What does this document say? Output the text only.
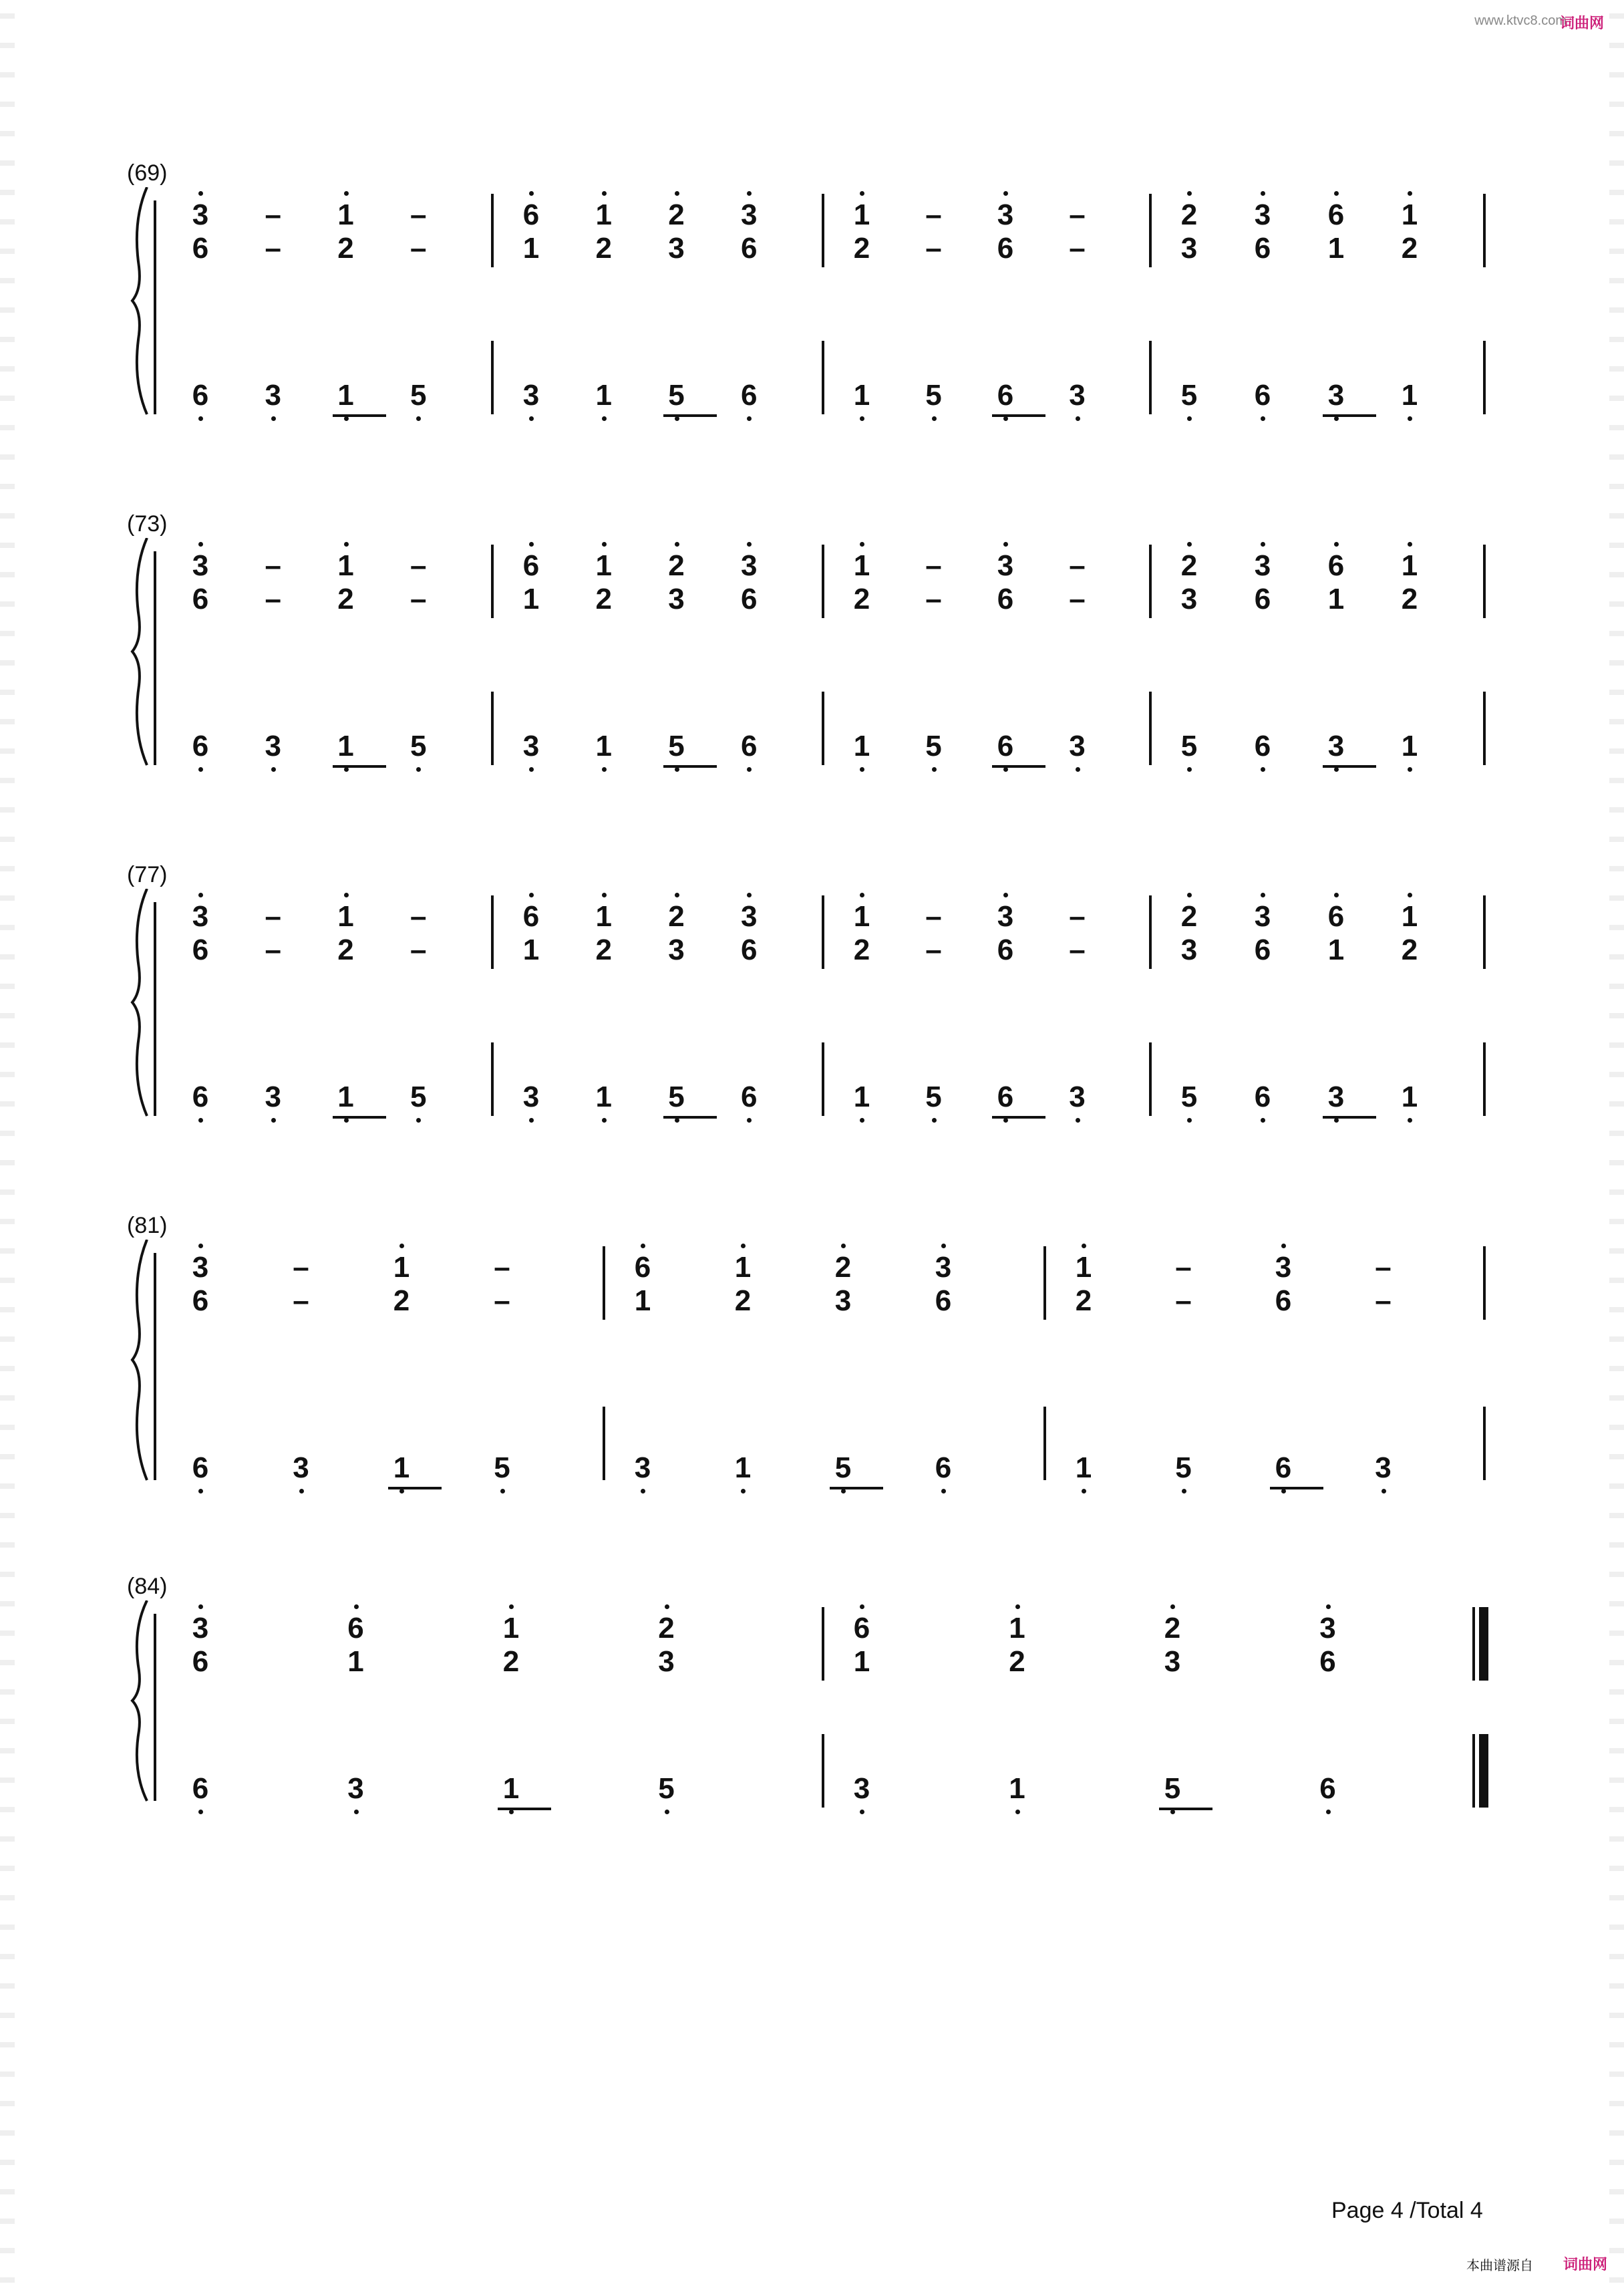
www.ktvc8.com
词曲网
(69)
3
6
6
–
–
3
1
2
1
–
–
5
6
1
3
1
2
1
2
3
5
3
6
6
1
2
1
–
–
5
3
6
6
–
–
3
2
3
5
3
6
6
6
1
3
1
2
1
(73)
3
6
6
–
–
3
1
2
1
–
–
5
6
1
3
1
2
1
2
3
5
3
6
6
1
2
1
–
–
5
3
6
6
–
–
3
2
3
5
3
6
6
6
1
3
1
2
1
(77)
3
6
6
–
–
3
1
2
1
–
–
5
6
1
3
1
2
1
2
3
5
3
6
6
1
2
1
–
–
5
3
6
6
–
–
3
2
3
5
3
6
6
6
1
3
1
2
1
(81)
3
6
6
–
–
3
1
2
1
–
–
5
6
1
3
1
2
1
2
3
5
3
6
6
1
2
1
–
–
5
3
6
6
–
–
3
(84)
3
6
6
6
1
3
1
2
1
2
3
5
6
1
3
1
2
1
2
3
5
3
6
6
Page 4 /Total 4
本曲谱源自 词曲网
